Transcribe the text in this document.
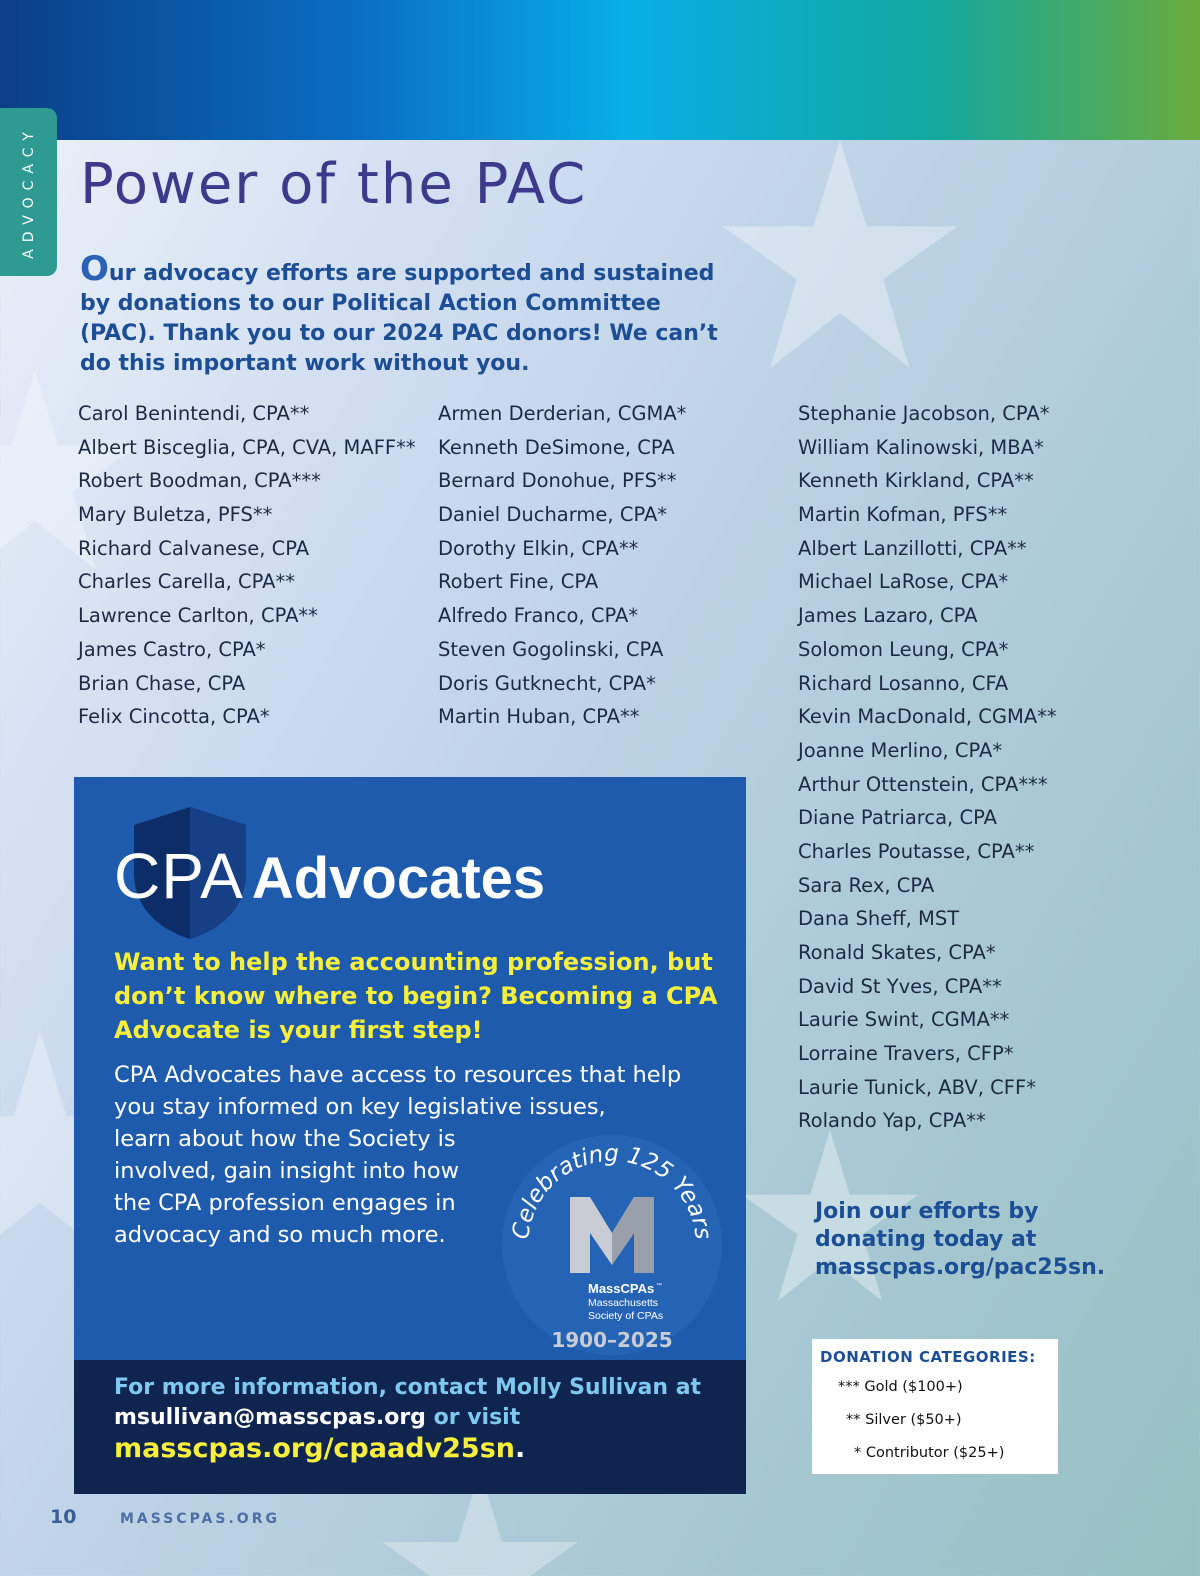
ADVOCACY Power of the PAC

Our advocacy efforts are supported and sustained by donations to our Political Action Committee (PAC). Thank you to our 2024 PAC donors! We can’t do this important work without you.

Carol Benintendi, CPA**
Albert Bisceglia, CPA, CVA, MAFF**
Robert Boodman, CPA***
Mary Buletza, PFS**
Richard Calvanese, CPA
Charles Carella, CPA**
Lawrence Carlton, CPA**
James Castro, CPA*
Brian Chase, CPA
Felix Cincotta, CPA*
Armen Derderian, CGMA*
Kenneth DeSimone, CPA
Bernard Donohue, PFS**
Daniel Ducharme, CPA*
Dorothy Elkin, CPA**
Robert Fine, CPA
Alfredo Franco, CPA*
Steven Gogolinski, CPA
Doris Gutknecht, CPA*
Martin Huban, CPA**
Stephanie Jacobson, CPA*
William Kalinowski, MBA*
Kenneth Kirkland, CPA**
Martin Kofman, PFS**
Albert Lanzillotti, CPA**
Michael LaRose, CPA*
James Lazaro, CPA
Solomon Leung, CPA*
Richard Losanno, CFA
Kevin MacDonald, CGMA**
Joanne Merlino, CPA*
Arthur Ottenstein, CPA***
Diane Patriarca, CPA
Charles Poutasse, CPA**
Sara Rex, CPA
Dana Sheff, MST
Ronald Skates, CPA*
David St Yves, CPA**
Laurie Swint, CGMA**
Lorraine Travers, CFP*
Laurie Tunick, ABV, CFF*
Rolando Yap, CPA**
CPA Advocates

Want to help the accounting profession, but don’t know where to begin? Becoming a CPA Advocate is your first step!

CPA Advocates have access to resources that help you stay informed on key legislative issues,
learn about how the Society is involved, gain insight into how the CPA profession engages in advocacy and so much more.	Celebrating 125 Years
MassCPAs ™
Massachusetts
Society of CPAs
1900–2025

For more information, contact Molly Sullivan at msullivan@masscpas.org or visit

masscpas.org/cpaadv25sn.

Join our efforts by donating today at masscpas.org/pac25sn.

DONATION CATEGORIES:
*** Gold ($100+)
** Silver ($50+)
* Contributor ($25+)
10	MASSCPAS.ORG
